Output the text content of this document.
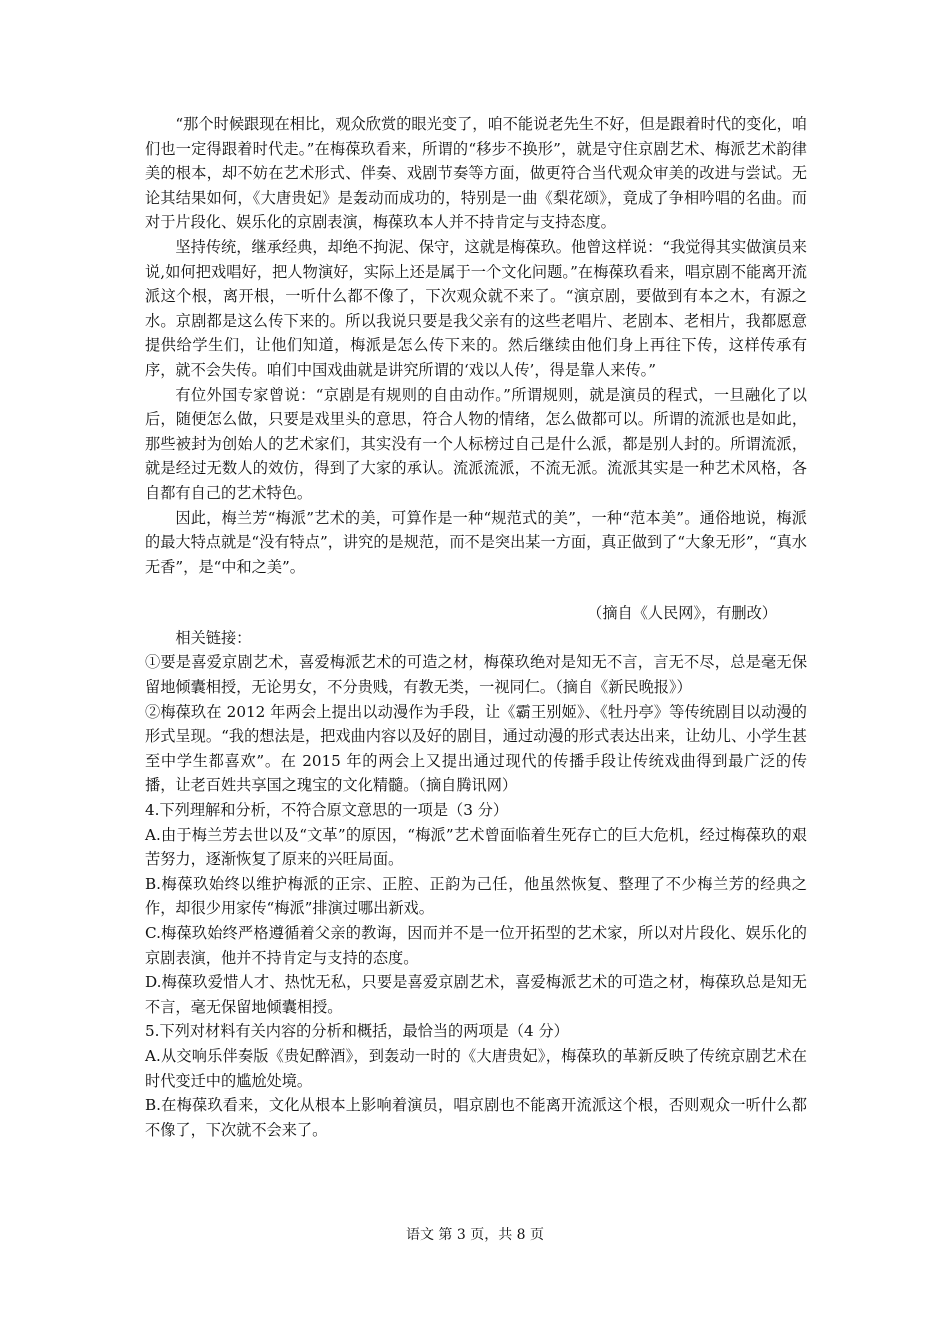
“那个时候跟现在相比，观众欣赏的眼光变了，咱不能说老先生不好，但是跟着时代的变化，咱们也一定得跟着时代走。”在梅葆玖看来，所谓的“移步不换形”，就是守住京剧艺术、梅派艺术韵律美的根本，却不妨在艺术形式、伴奏、戏剧节奏等方面，做更符合当代观众审美的改进与尝试。无论其结果如何，《大唐贵妃》是轰动而成功的，特别是一曲《梨花颂》，竟成了争相吟唱的名曲。而对于片段化、娱乐化的京剧表演，梅葆玖本人并不持肯定与支持态度。

坚持传统，继承经典，却绝不拘泥、保守，这就是梅葆玖。他曾这样说：“我觉得其实做演员来说,如何把戏唱好，把人物演好，实际上还是属于一个文化问题。”在梅葆玖看来，唱京剧不能离开流派这个根，离开根，一听什么都不像了，下次观众就不来了。“演京剧，要做到有本之木，有源之水。京剧都是这么传下来的。所以我说只要是我父亲有的这些老唱片、老剧本、老相片，我都愿意提供给学生们，让他们知道，梅派是怎么传下来的。然后继续由他们身上再往下传，这样传承有序，就不会失传。咱们中国戏曲就是讲究所谓的‘戏以人传’，得是靠人来传。”

有位外国专家曾说：“京剧是有规则的自由动作。”所谓规则，就是演员的程式，一旦融化了以后，随便怎么做，只要是戏里头的意思，符合人物的情绪，怎么做都可以。所谓的流派也是如此，那些被封为创始人的艺术家们，其实没有一个人标榜过自己是什么派，都是别人封的。所谓流派，就是经过无数人的效仿，得到了大家的承认。流派流派，不流无派。流派其实是一种艺术风格，各自都有自己的艺术特色。

因此，梅兰芳“梅派”艺术的美，可算作是一种“规范式的美”，一种“范本美”。通俗地说，梅派的最大特点就是“没有特点”，讲究的是规范，而不是突出某一方面，真正做到了“大象无形”，“真水无香”，是“中和之美”。

（摘自《人民网》，有删改）

相关链接：

①要是喜爱京剧艺术，喜爱梅派艺术的可造之材，梅葆玖绝对是知无不言，言无不尽，总是毫无保留地倾囊相授，无论男女，不分贵贱，有教无类，一视同仁。（摘自《新民晚报》）

②梅葆玖在 2012 年两会上提出以动漫作为手段，让《霸王别姬》、《牡丹亭》等传统剧目以动漫的形式呈现。“我的想法是，把戏曲内容以及好的剧目，通过动漫的形式表达出来，让幼儿、小学生甚至中学生都喜欢”。在 2015 年的两会上又提出通过现代的传播手段让传统戏曲得到最广泛的传播，让老百姓共享国之瑰宝的文化精髓。（摘自腾讯网）

4.下列理解和分析，不符合原文意思的一项是（3 分）

A.由于梅兰芳去世以及“文革”的原因，“梅派”艺术曾面临着生死存亡的巨大危机，经过梅葆玖的艰苦努力，逐渐恢复了原来的兴旺局面。

B.梅葆玖始终以维护梅派的正宗、正腔、正韵为己任，他虽然恢复、整理了不少梅兰芳的经典之作，却很少用家传“梅派”排演过哪出新戏。

C.梅葆玖始终严格遵循着父亲的教诲，因而并不是一位开拓型的艺术家，所以对片段化、娱乐化的京剧表演，他并不持肯定与支持的态度。

D.梅葆玖爱惜人才、热忱无私，只要是喜爱京剧艺术，喜爱梅派艺术的可造之材，梅葆玖总是知无不言，毫无保留地倾囊相授。

5.下列对材料有关内容的分析和概括，最恰当的两项是（4 分）

A.从交响乐伴奏版《贵妃醉酒》，到轰动一时的《大唐贵妃》，梅葆玖的革新反映了传统京剧艺术在时代变迁中的尴尬处境。

B.在梅葆玖看来，文化从根本上影响着演员，唱京剧也不能离开流派这个根，否则观众一听什么都不像了，下次就不会来了。

语文 第 3 页，共 8 页
